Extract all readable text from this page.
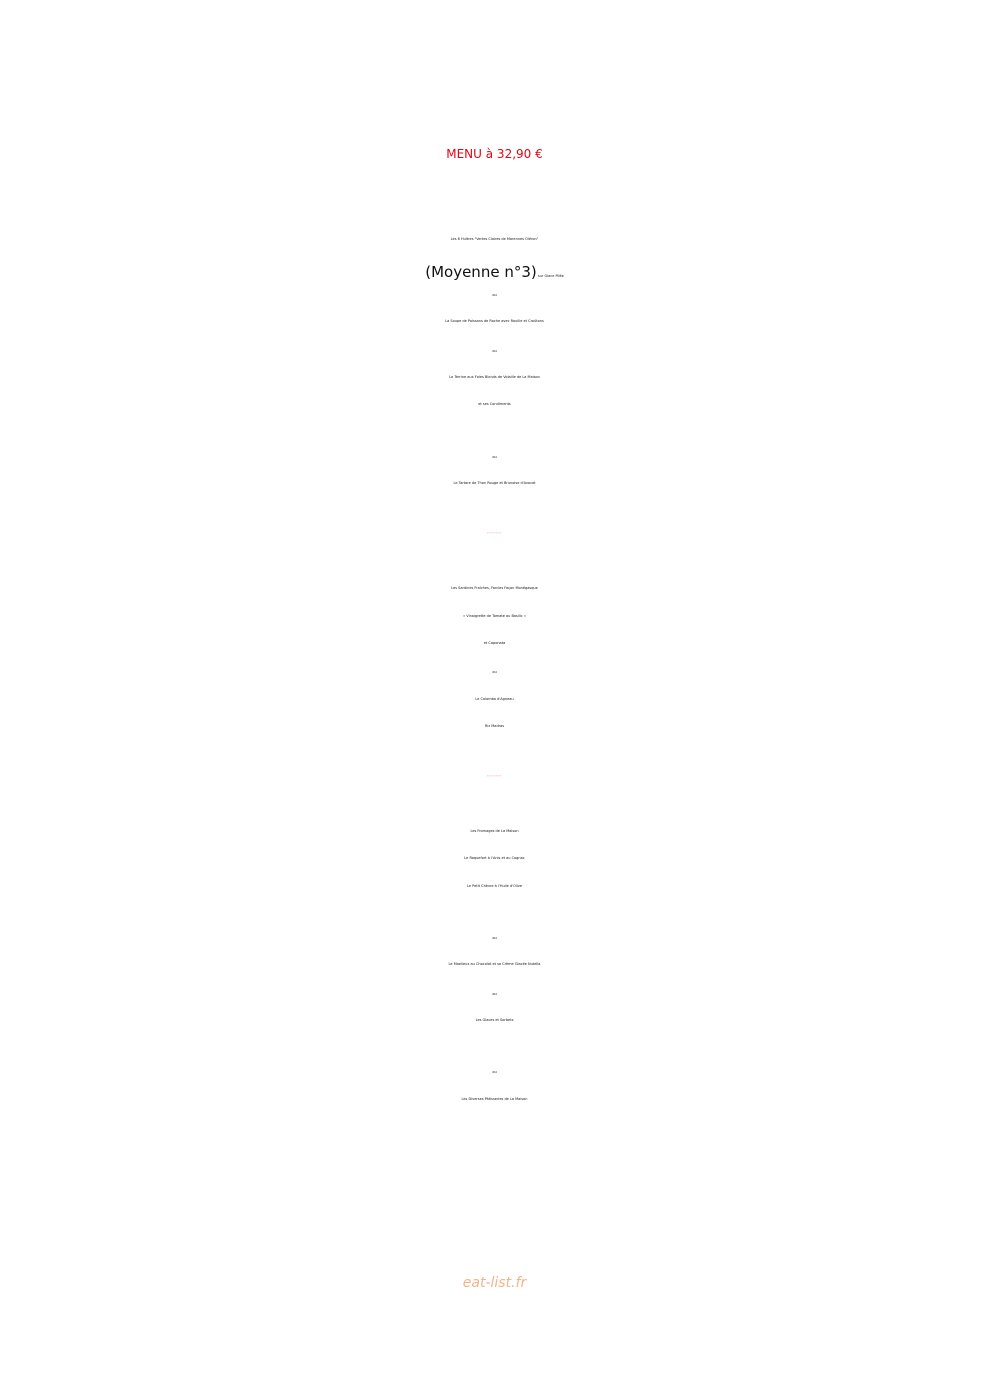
MENU à 32,90 €
Les 6 Huîtres "Vertes Claires de Marennes Oléron"
(Moyenne n°3) sur Glace Pilée
ou
La Soupe de Poissons de Roche avec Rouille et Croûtons
ou
La Terrine aux Foies Blonds de Volaille de La Maison
et ses Condiments
ou
Le Tartare de Thon Rouge et Brunoise d'Avocat
**********
Les Sardines Fraîches, Farcies Façon Monégasque
« Vinaigrette de Tomate au Basilic »
et Caponata
ou
Le Colombo d'Agneau
Riz Madras
**********
Les Fromages de La Maison
Le Roquefort à l'Anis et au Cognac
Le Petit Chèvre à l'Huile d'Olive
ou
Le Moelleux au Chocolat et sa Crème Glacée Nutella
ou
Les Glaces et Sorbets
ou
Les Diverses Pâtisseries de La Maison
eat-list.fr
